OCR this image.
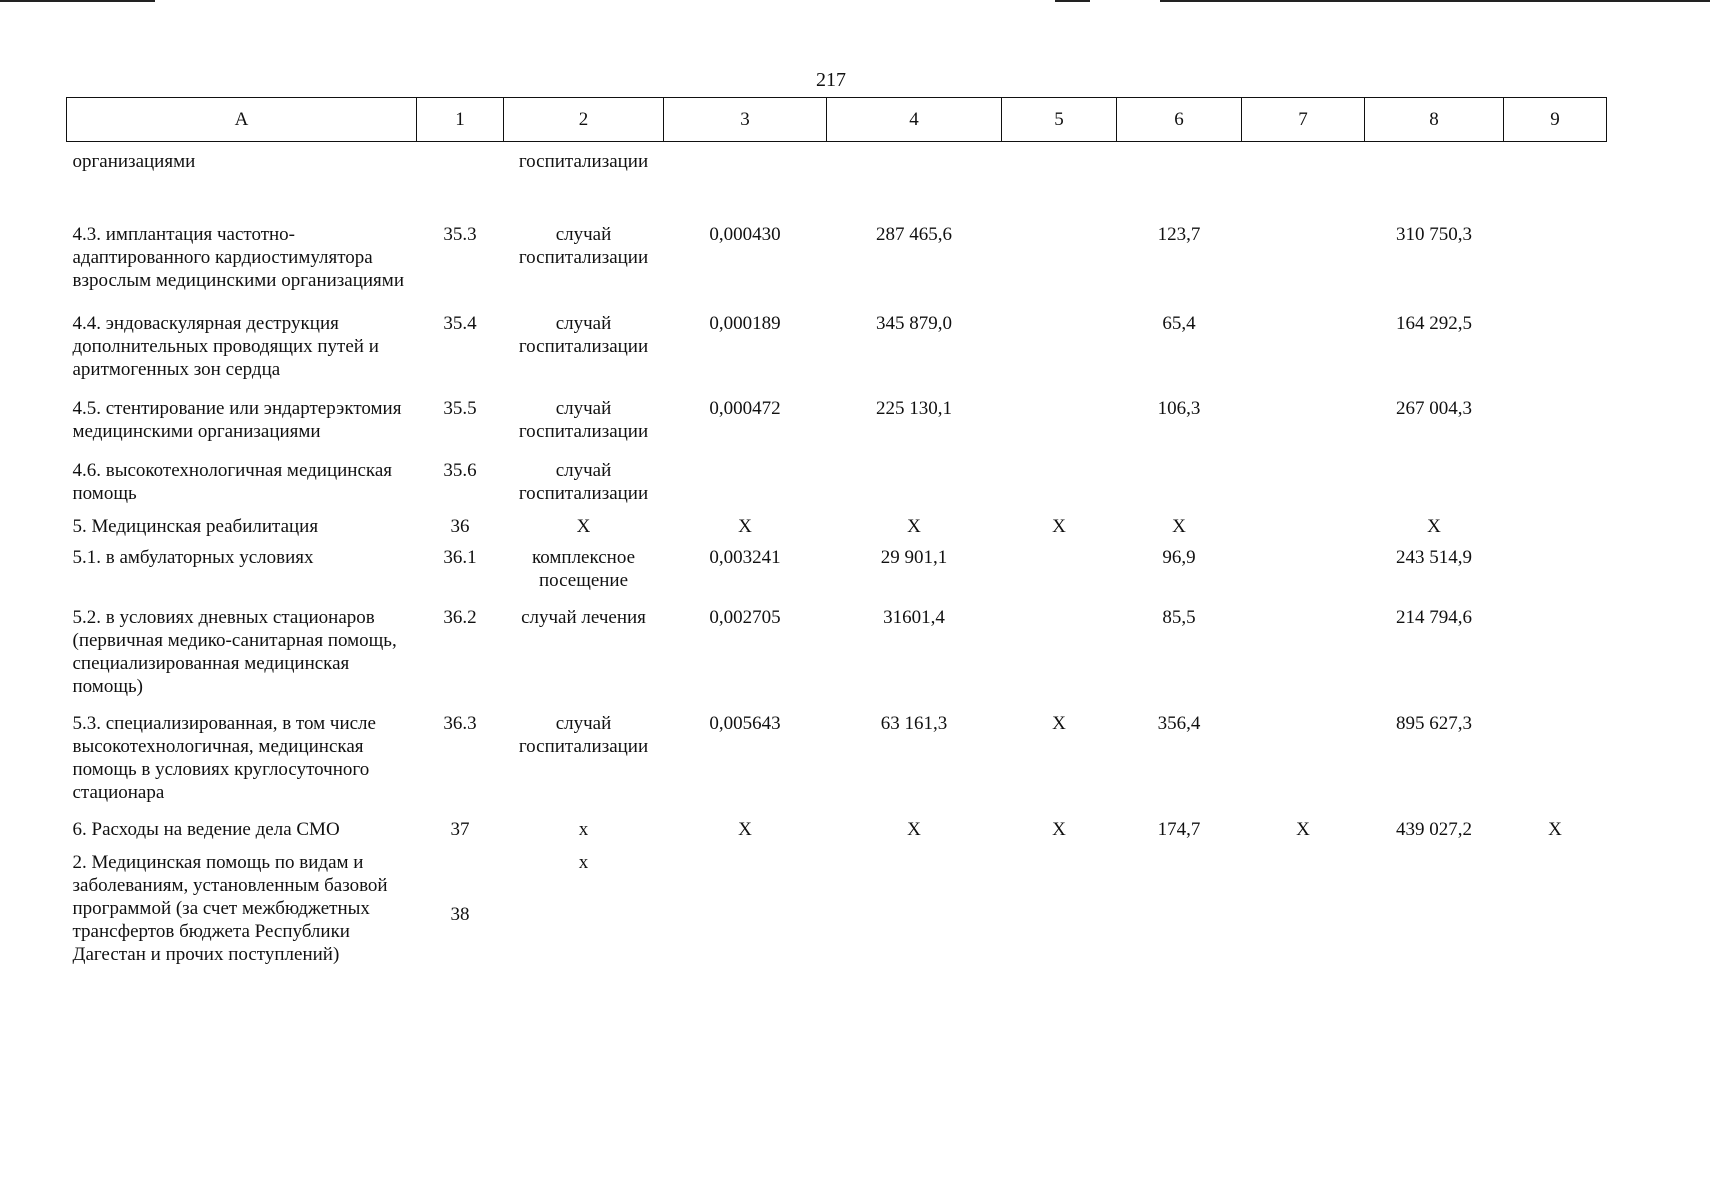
217
А	1	2	3	4	5	6	7	8	9
организациями		госпитализации							
4.3. имплантация частотно-адаптированного кардиостимулятора взрослым медицинскими организациями	35.3	случай госпитализации	0,000430	287 465,6		123,7		310 750,3	
4.4. эндоваскулярная деструкция дополнительных проводящих путей и аритмогенных зон сердца	35.4	случай госпитализации	0,000189	345 879,0		65,4		164 292,5	
4.5. стентирование или эндартерэктомия медицинскими организациями	35.5	случай госпитализации	0,000472	225 130,1		106,3		267 004,3	
4.6. высокотехнологичная медицинская помощь	35.6	случай госпитализации							
5. Медицинская реабилитация	36	X	X	X	X	X		X	
5.1. в амбулаторных условиях	36.1	комплексное посещение	0,003241	29 901,1		96,9		243 514,9	
5.2. в условиях дневных стационаров (первичная медико-санитарная помощь, специализированная медицинская помощь)	36.2	случай лечения	0,002705	31601,4		85,5		214 794,6	
5.3. специализированная, в том числе высокотехнологичная, медицинская помощь в условиях круглосуточного стационара	36.3	случай госпитализации	0,005643	63 161,3	X	356,4		895 627,3	
6. Расходы на ведение дела СМО	37	x	X	X	X	174,7	X	439 027,2	X
2. Медицинская помощь по видам и заболеваниям, установленным базовой программой (за счет межбюджетных трансфертов бюджета Республики Дагестан и прочих поступлений)	38	x							
